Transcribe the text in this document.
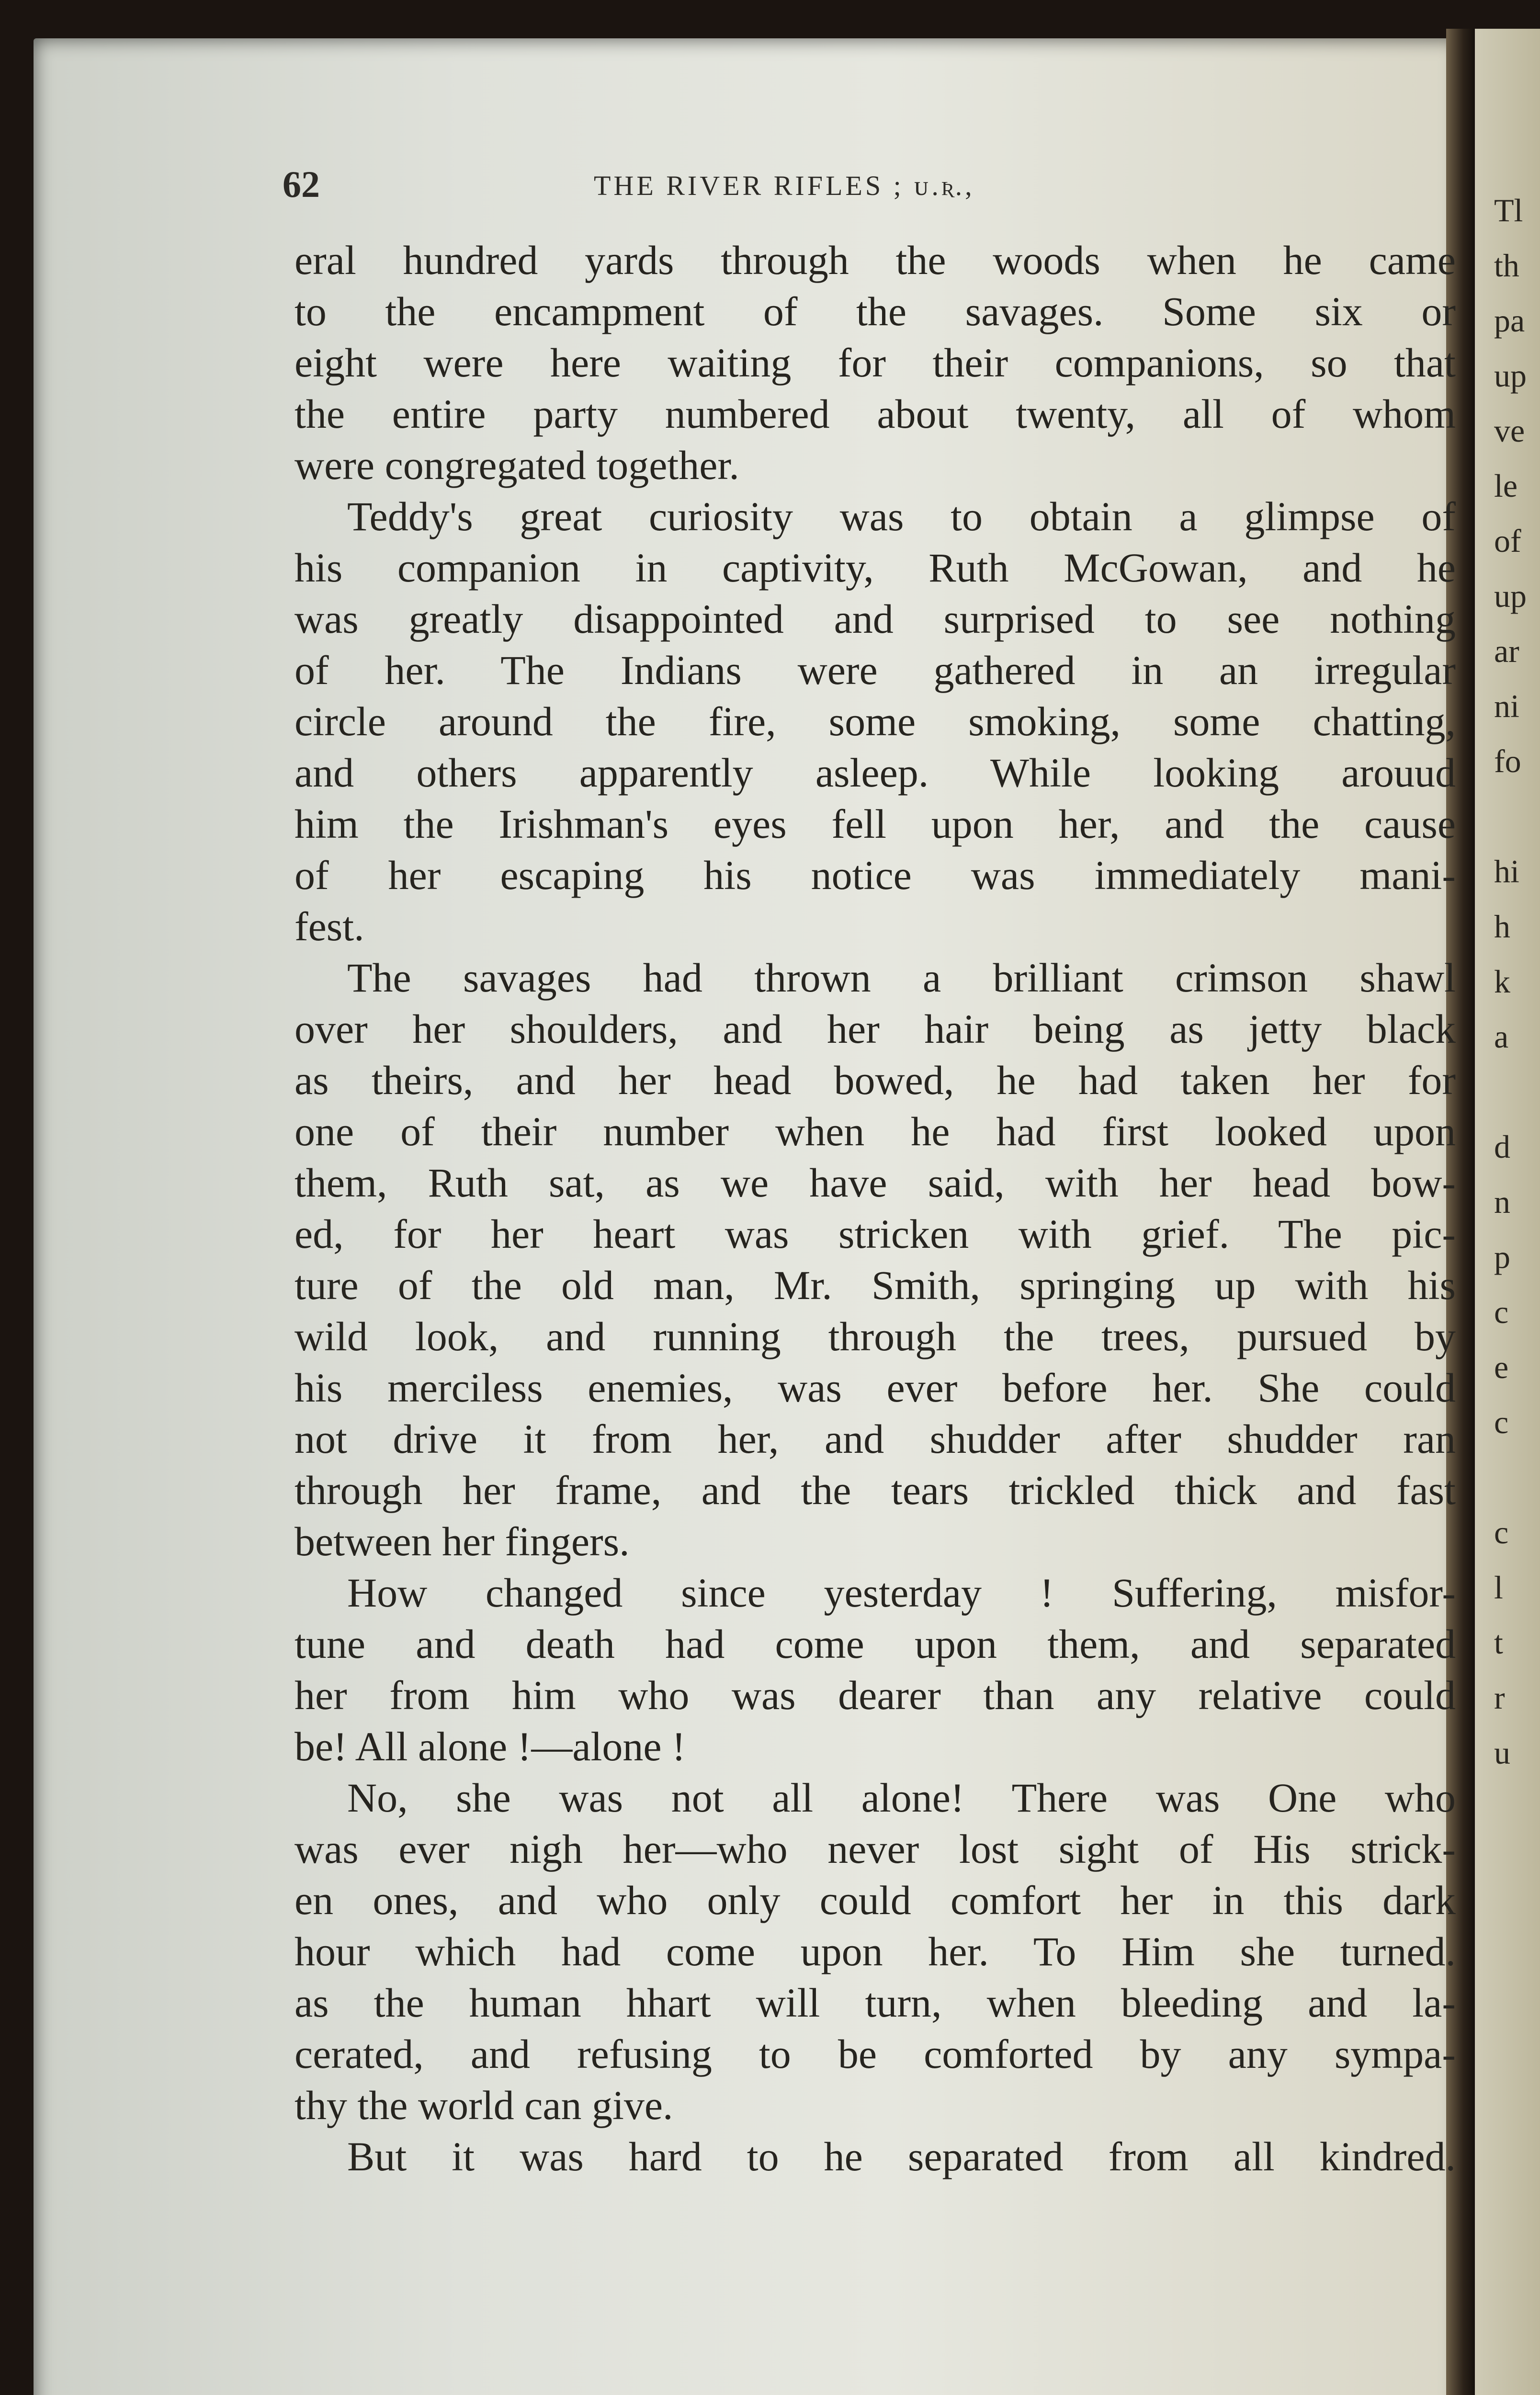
Tl
th
pa
up
ve
le
of
up
ar
ni
fo
hi
h
k
a
d
n
p
c
e
c
c
l
t
r
u
62	THE RIVER RIFLES ; ᴜ.ʀ.,
eral hundred yards through the woods when he came
to the encampment of the savages. Some six or
eight were here waiting for their companions, so that
the entire party numbered about twenty, all of whom
were congregated together.
Teddy's great curiosity was to obtain a glimpse of
his companion in captivity, Ruth McGowan, and he
was greatly disappointed and surprised to see nothing
of her. The Indians were gathered in an irregular
circle around the fire, some smoking, some chatting,
and others apparently asleep. While looking arouud
him the Irishman's eyes fell upon her, and the cause
of her escaping his notice was immediately mani-
fest.
The savages had thrown a brilliant crimson shawl
over her shoulders, and her hair being as jetty black
as theirs, and her head bowed, he had taken her for
one of their number when he had first looked upon
them, Ruth sat, as we have said, with her head bow-
ed, for her heart was stricken with grief. The pic-
ture of the old man, Mr. Smith, springing up with his
wild look, and running through the trees, pursued by
his merciless enemies, was ever before her. She could
not drive it from her, and shudder after shudder ran
through her frame, and the tears trickled thick and fast
between her fingers.
How changed since yesterday ! Suffering, misfor-
tune and death had come upon them, and separated
her from him who was dearer than any relative could
be! All alone !—alone !
No, she was not all alone! There was One who
was ever nigh her—who never lost sight of His strick-
en ones, and who only could comfort her in this dark
hour which had come upon her. To Him she turned.
as the human hhart will turn, when bleeding and la-
cerated, and refusing to be comforted by any sympa-
thy the world can give.
But it was hard to he separated from all kindred.
